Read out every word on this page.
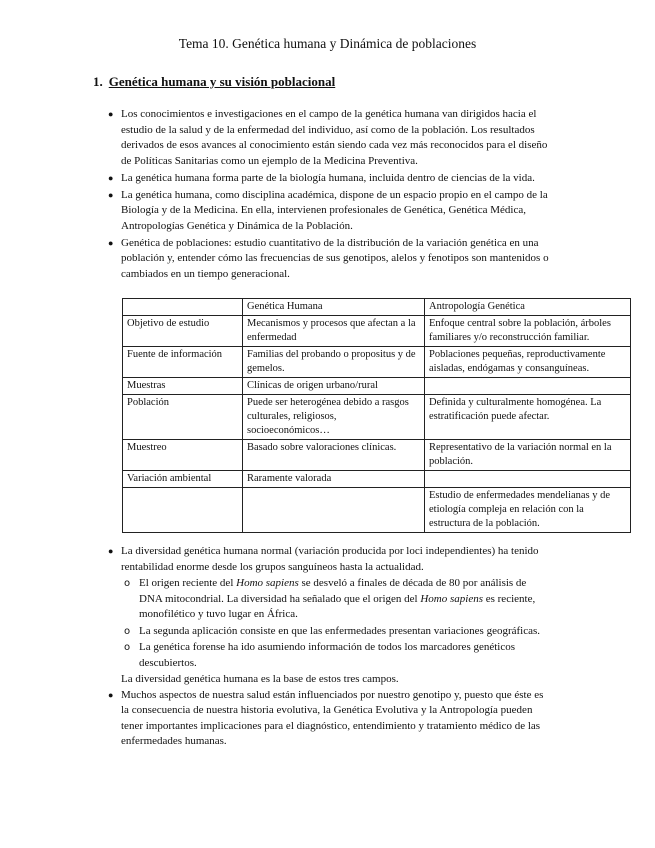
Tema 10. Genética humana y Dinámica de poblaciones
1. Genética humana y su visión poblacional
● Los conocimientos e investigaciones en el campo de la genética humana van dirigidos hacia el estudio de la salud y de la enfermedad del individuo, así como de la población. Los resultados derivados de esos avances al conocimiento están siendo cada vez más reconocidos para el diseño de Políticas Sanitarias como un ejemplo de la Medicina Preventiva.
● La genética humana forma parte de la biología humana, incluida dentro de ciencias de la vida.
● La genética humana, como disciplina académica, dispone de un espacio propio en el campo de la Biología y de la Medicina. En ella, intervienen profesionales de Genética, Genética Médica, Antropologías Genética y Dinámica de la Población.
● Genética de poblaciones: estudio cuantitativo de la distribución de la variación genética en una población y, entender cómo las frecuencias de sus genotipos, alelos y fenotipos son mantenidos o cambiados en un tiempo generacional.
	Genética Humana	Antropología Genética
Objetivo de estudio	Mecanismos y procesos que afectan a la enfermedad	Enfoque central sobre la población, árboles familiares y/o reconstrucción familiar.
Fuente de información	Familias del probando o propositus y de gemelos.	Poblaciones pequeñas, reproductivamente aisladas, endógamas y consanguíneas.
Muestras	Clínicas de origen urbano/rural	
Población	Puede ser heterogénea debido a rasgos culturales, religiosos, socioeconómicos…	Definida y culturalmente homogénea. La estratificación puede afectar.
Muestreo	Basado sobre valoraciones clínicas.	Representativo de la variación normal en la población.
Variación ambiental	Raramente valorada	
		Estudio de enfermedades mendelianas y de etiología compleja en relación con la estructura de la población.
● La diversidad genética humana normal (variación producida por loci independientes) ha tenido rentabilidad enorme desde los grupos sanguíneos hasta la actualidad.
o El origen reciente del Homo sapiens se desveló a finales de década de 80 por análisis de DNA mitocondrial. La diversidad ha señalado que el origen del Homo sapiens es reciente, monofilético y tuvo lugar en África.
o La segunda aplicación consiste en que las enfermedades presentan variaciones geográficas.
o La genética forense ha ido asumiendo información de todos los marcadores genéticos descubiertos.
La diversidad genética humana es la base de estos tres campos.
● Muchos aspectos de nuestra salud están influenciados por nuestro genotipo y, puesto que éste es la consecuencia de nuestra historia evolutiva, la Genética Evolutiva y la Antropología pueden tener importantes implicaciones para el diagnóstico, entendimiento y tratamiento médico de las enfermedades humanas.
